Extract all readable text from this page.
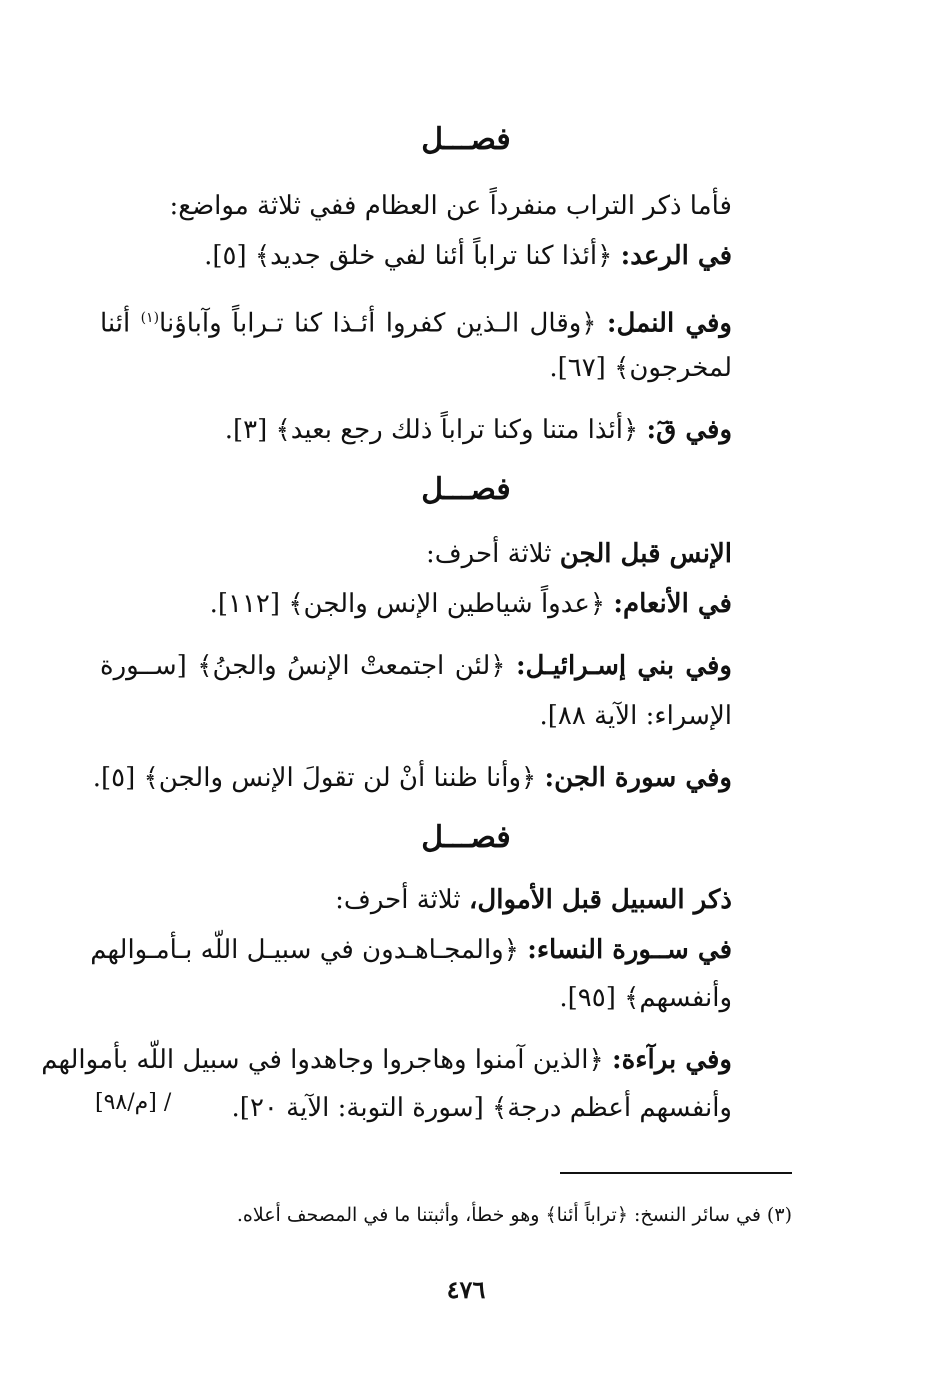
فصـــل
فأما ذكر التراب منفرداً عن العظام ففي ثلاثة مواضع:
في الرعد: ﴿أئذا كنا تراباً أئنا لفي خلق جديد﴾ [٥].
وفي النمل: ﴿وقال الـذين كفروا أئـذا كنا تـراباً وآباؤنا$^{(١)}$ أئنا
لمخرجون﴾ [٦٧].
وفي قٓ: ﴿أئذا متنا وكنا تراباً ذلك رجع بعيد﴾ [٣].
فصـــل
الإنس قبل الجن ثلاثة أحرف:
في الأنعام: ﴿عدواً شياطين الإنس والجن﴾ [١١٢].
وفي بني إسـرائيـل: ﴿لئن اجتمعتْ الإنسُ والجنُ﴾ [ســورة
الإسراء: الآية ٨٨].
وفي سورة الجن: ﴿وأنا ظننا أنْ لن تقولَ الإنس والجن﴾ [٥].
فصـــل
ذكر السبيل قبل الأموال، ثلاثة أحرف:
في ســورة النساء: ﴿والمجـاهـدون في سبيـل اللّه بـأمـوالهم
وأنفسهم﴾ [٩٥].
وفي برآءة: ﴿الذين آمنوا وهاجروا وجاهدوا في سبيل اللّه بأموالهم
وأنفسهم أعظم درجة﴾ [سورة التوبة: الآية ٢٠].
[م/٩٨] /
(٣) في سائر النسخ: ﴿تراباً أئنا﴾ وهو خطأ، وأثبتنا ما في المصحف أعلاه.
٤٧٦
